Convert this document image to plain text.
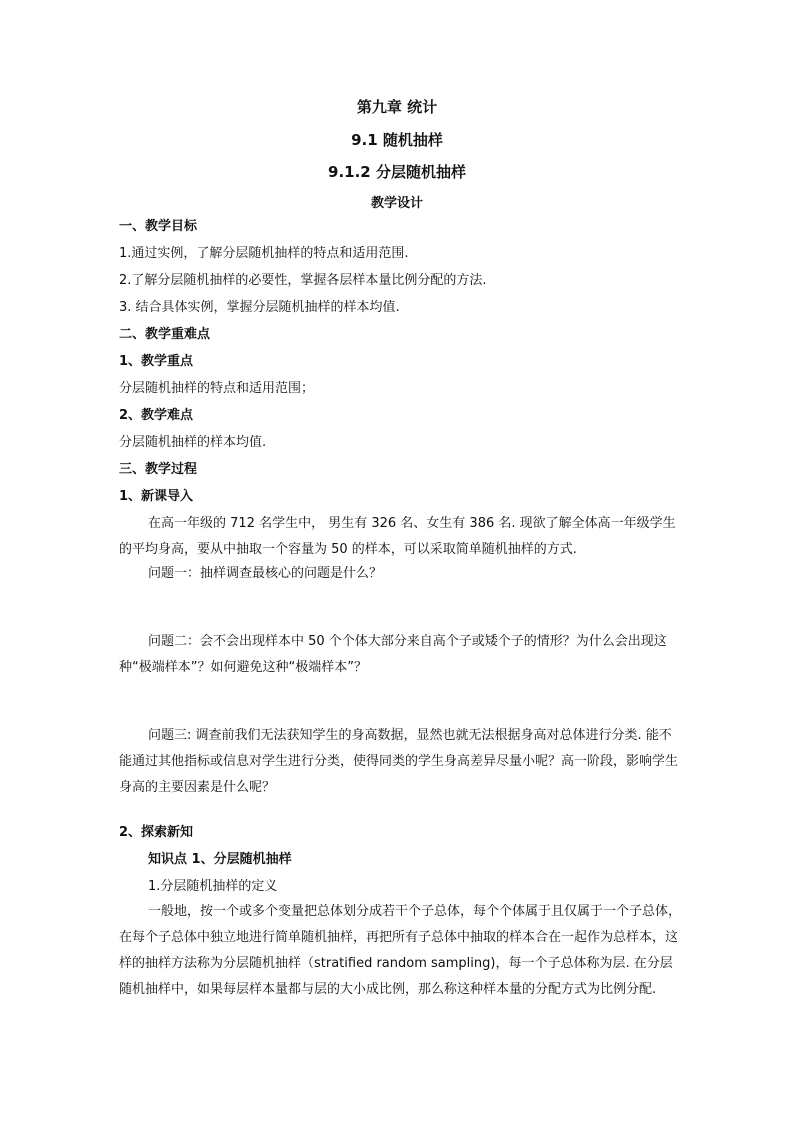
第九章 统计
9.1 随机抽样
9.1.2 分层随机抽样
教学设计
一、教学目标
1.通过实例，了解分层随机抽样的特点和适用范围.
2.了解分层随机抽样的必要性，掌握各层样本量比例分配的方法.
3. 结合具体实例，掌握分层随机抽样的样本均值.
二、教学重难点
1、教学重点
分层随机抽样的特点和适用范围；
2、教学难点
分层随机抽样的样本均值.
三、教学过程
1、新课导入
在高一年级的 712 名学生中， 男生有 326 名、女生有 386 名. 现欲了解全体高一年级学生的平均身高，要从中抽取一个容量为 50 的样本，可以采取简单随机抽样的方式.
问题一：抽样调查最核心的问题是什么？
问题二：会不会出现样本中 50 个个体大部分来自高个子或矮个子的情形？为什么会出现这种“极端样本”？如何避免这种“极端样本”？
问题三: 调查前我们无法获知学生的身高数据，显然也就无法根据身高对总体进行分类. 能不能通过其他指标或信息对学生进行分类，使得同类的学生身高差异尽量小呢？高一阶段，影响学生身高的主要因素是什么呢？
2、探索新知
知识点 1、分层随机抽样
1.分层随机抽样的定义
一般地，按一个或多个变量把总体划分成若干个子总体，每个个体属于且仅属于一个子总体，在每个子总体中独立地进行简单随机抽样，再把所有子总体中抽取的样本合在一起作为总样本，这样的抽样方法称为分层随机抽样（stratified random sampling)，每一个子总体称为层. 在分层随机抽样中，如果每层样本量都与层的大小成比例，那么称这种样本量的分配方式为比例分配.
